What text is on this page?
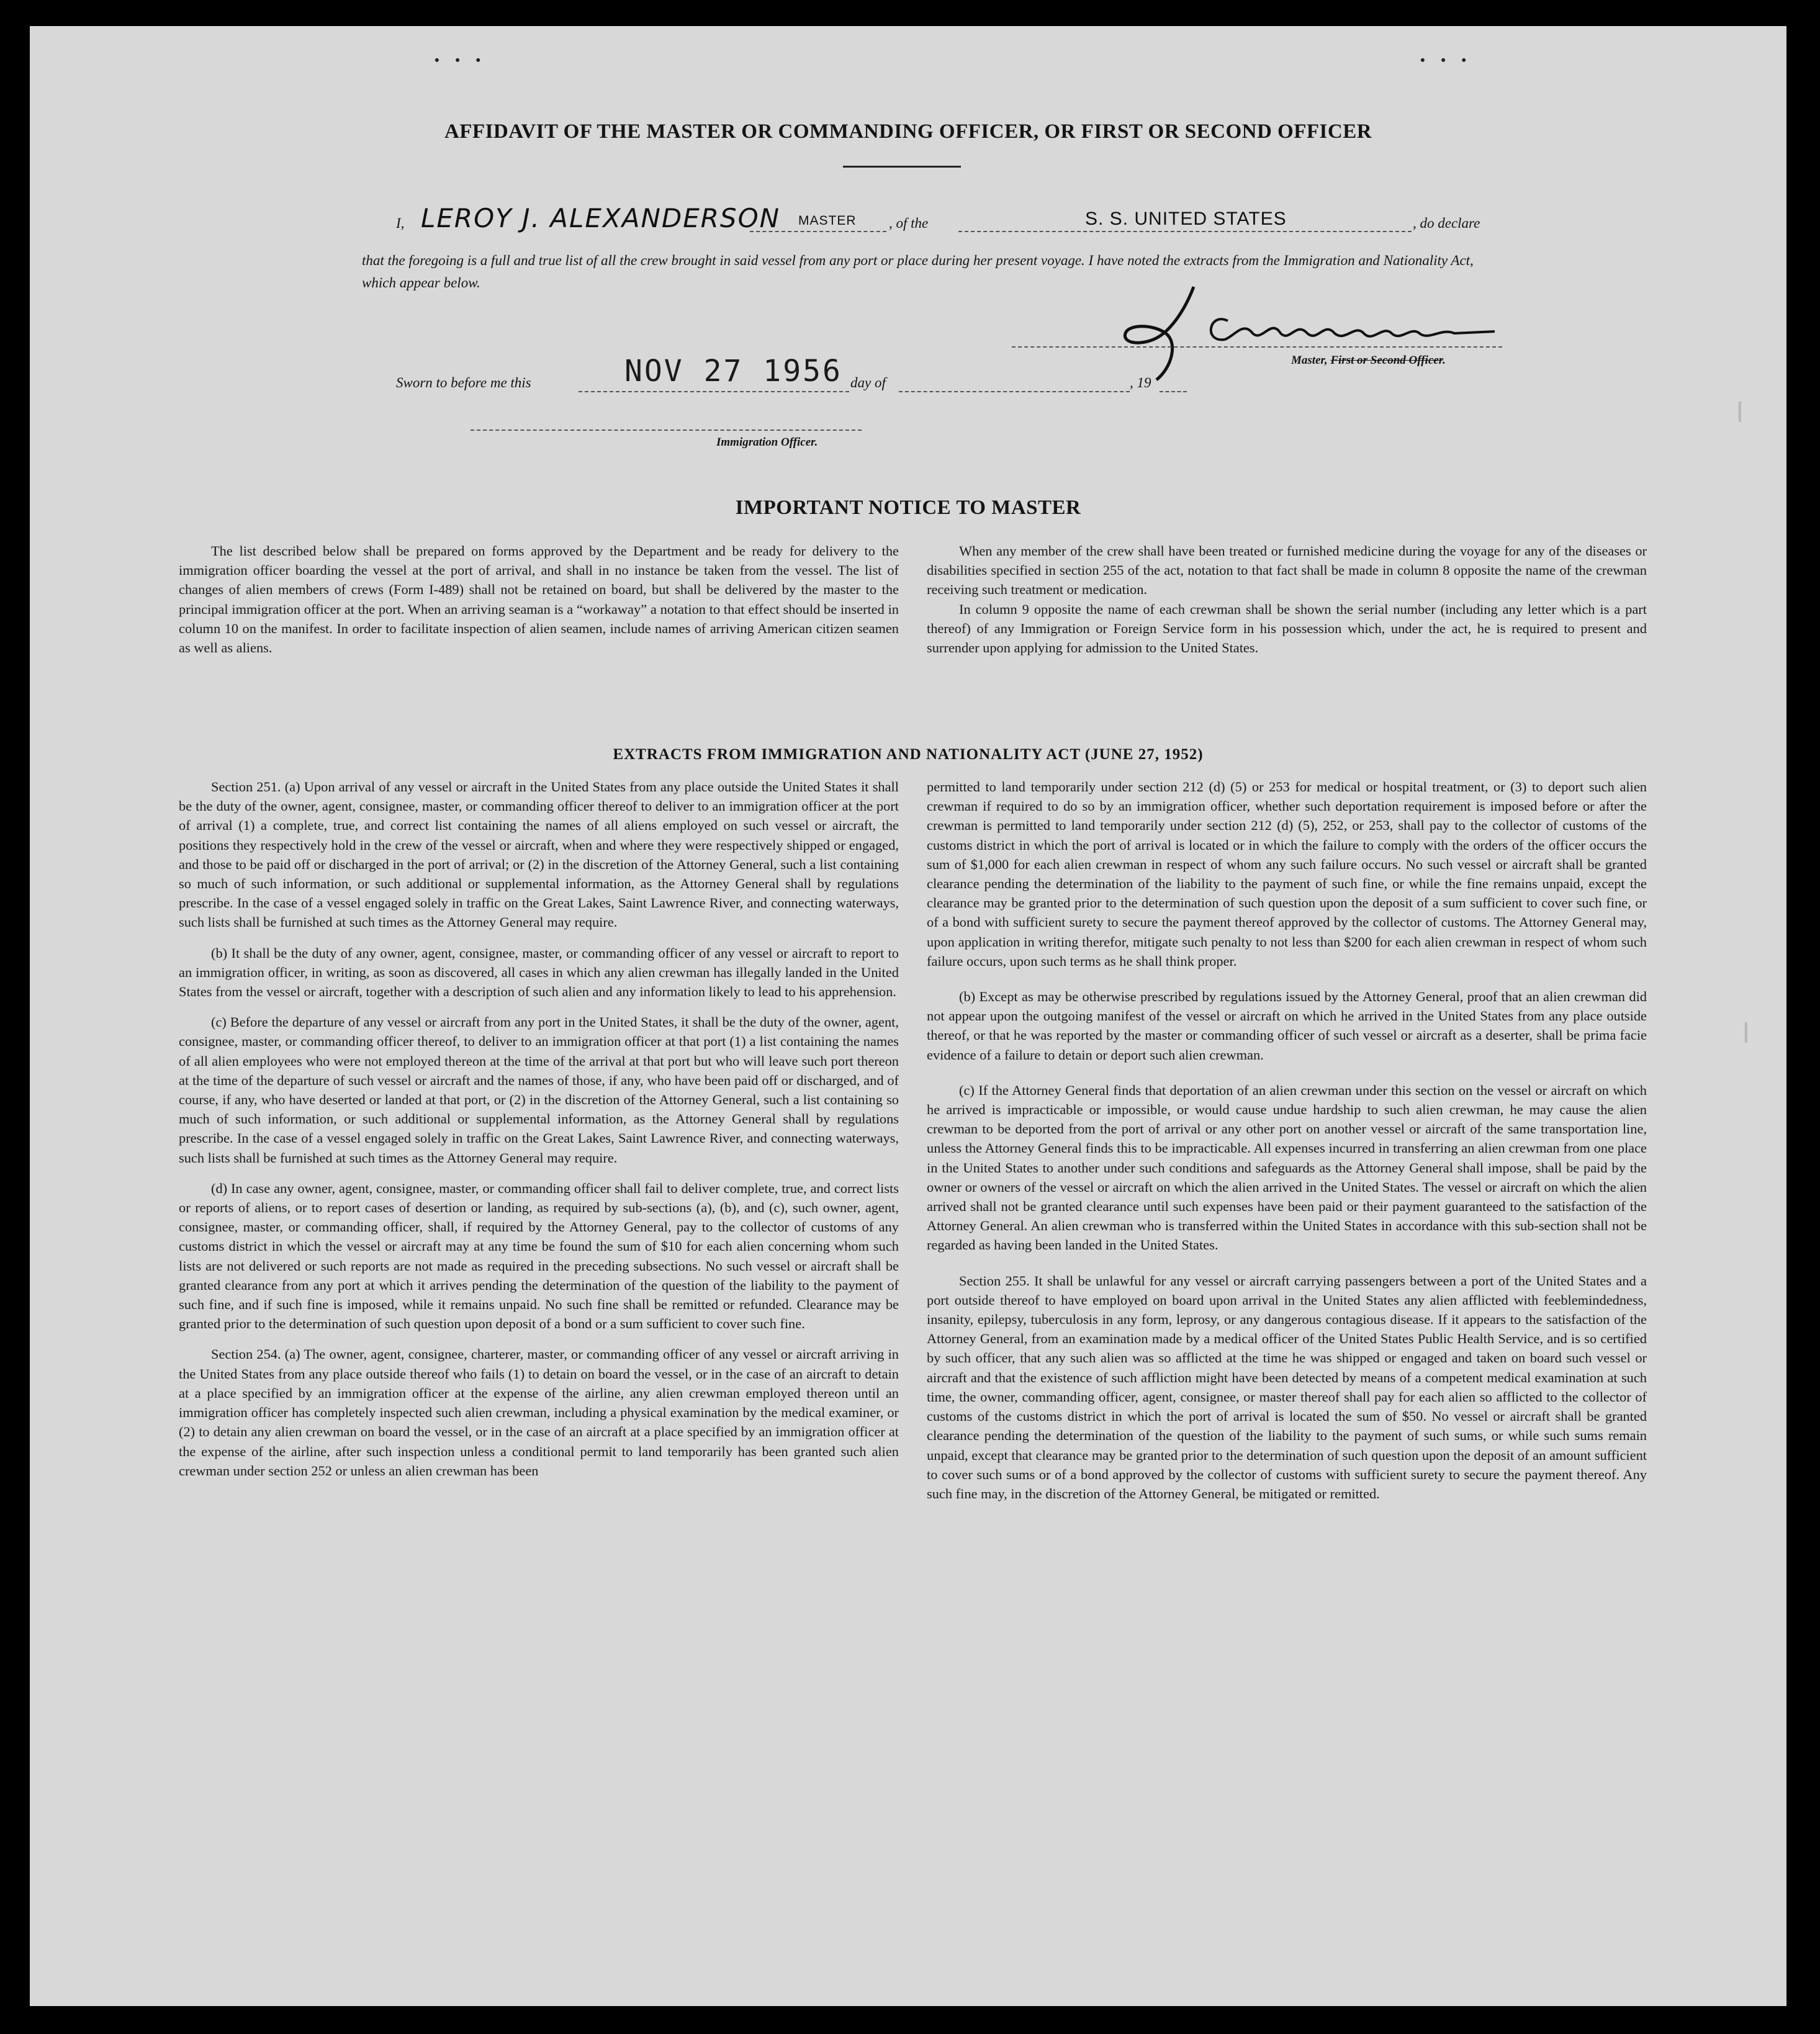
• • •	• • •
|
|
AFFIDAVIT OF THE MASTER OR COMMANDING OFFICER, OR FIRST OR SECOND OFFICER
I, LEROY J. ALEXANDERSON MASTER , of the	S. S. UNITED STATES	, do declare
that the foregoing is a full and true list of all the crew brought in said vessel from any port or place during her present voyage. I have noted the extracts from the Immigration and Nationality Act, which appear below.
Master, First or Second Officer.
Sworn to before me this	NOV 27 1956 day of	, 19
Immigration Officer.
IMPORTANT NOTICE TO MASTER

The list described below shall be prepared on forms approved by the Department and be ready for delivery to the immigration officer boarding the vessel at the port of arrival, and shall in no instance be taken from the vessel. The list of changes of alien members of crews (Form I-489) shall not be retained on board, but shall be delivered by the master to the principal immigration officer at the port. When an arriving seaman is a “workaway” a notation to that effect should be inserted in column 10 on the manifest. In order to facilitate inspection of alien seamen, include names of arriving American citizen seamen as well as aliens.

When any member of the crew shall have been treated or furnished medicine during the voyage for any of the diseases or disabilities specified in section 255 of the act, notation to that fact shall be made in column 8 opposite the name of the crewman receiving such treatment or medication.

In column 9 opposite the name of each crewman shall be shown the serial number (including any letter which is a part thereof) of any Immigration or Foreign Service form in his possession which, under the act, he is required to present and surrender upon applying for admission to the United States.

EXTRACTS FROM IMMIGRATION AND NATIONALITY ACT (JUNE 27, 1952)

Section 251. (a) Upon arrival of any vessel or aircraft in the United States from any place outside the United States it shall be the duty of the owner, agent, consignee, master, or commanding officer thereof to deliver to an immigration officer at the port of arrival (1) a complete, true, and correct list containing the names of all aliens employed on such vessel or aircraft, the positions they respectively hold in the crew of the vessel or aircraft, when and where they were respectively shipped or engaged, and those to be paid off or discharged in the port of arrival; or (2) in the discretion of the Attorney General, such a list containing so much of such information, or such additional or supplemental information, as the Attorney General shall by regulations prescribe. In the case of a vessel engaged solely in traffic on the Great Lakes, Saint Lawrence River, and connecting waterways, such lists shall be furnished at such times as the Attorney General may require.

(b) It shall be the duty of any owner, agent, consignee, master, or commanding officer of any vessel or aircraft to report to an immigration officer, in writing, as soon as discovered, all cases in which any alien crewman has illegally landed in the United States from the vessel or aircraft, together with a description of such alien and any information likely to lead to his apprehension.

(c) Before the departure of any vessel or aircraft from any port in the United States, it shall be the duty of the owner, agent, consignee, master, or commanding officer thereof, to deliver to an immigration officer at that port (1) a list containing the names of all alien employees who were not employed thereon at the time of the arrival at that port but who will leave such port thereon at the time of the departure of such vessel or aircraft and the names of those, if any, who have been paid off or discharged, and of course, if any, who have deserted or landed at that port, or (2) in the discretion of the Attorney General, such a list containing so much of such information, or such additional or supplemental information, as the Attorney General shall by regulations prescribe. In the case of a vessel engaged solely in traffic on the Great Lakes, Saint Lawrence River, and connecting waterways, such lists shall be furnished at such times as the Attorney General may require.

(d) In case any owner, agent, consignee, master, or commanding officer shall fail to deliver complete, true, and correct lists or reports of aliens, or to report cases of desertion or landing, as required by sub-sections (a), (b), and (c), such owner, agent, consignee, master, or commanding officer, shall, if required by the Attorney General, pay to the collector of customs of any customs district in which the vessel or aircraft may at any time be found the sum of $10 for each alien concerning whom such lists are not delivered or such reports are not made as required in the preceding subsections. No such vessel or aircraft shall be granted clearance from any port at which it arrives pending the determination of the question of the liability to the payment of such fine, and if such fine is imposed, while it remains unpaid. No such fine shall be remitted or refunded. Clearance may be granted prior to the determination of such question upon deposit of a bond or a sum sufficient to cover such fine.

Section 254. (a) The owner, agent, consignee, charterer, master, or commanding officer of any vessel or aircraft arriving in the United States from any place outside thereof who fails (1) to detain on board the vessel, or in the case of an aircraft to detain at a place specified by an immigration officer at the expense of the airline, any alien crewman employed thereon until an immigration officer has completely inspected such alien crewman, including a physical examination by the medical examiner, or (2) to detain any alien crewman on board the vessel, or in the case of an aircraft at a place specified by an immigration officer at the expense of the airline, after such inspection unless a conditional permit to land temporarily has been granted such alien crewman under section 252 or unless an alien crewman has been

permitted to land temporarily under section 212 (d) (5) or 253 for medical or hospital treatment, or (3) to deport such alien crewman if required to do so by an immigration officer, whether such deportation requirement is imposed before or after the crewman is permitted to land temporarily under section 212 (d) (5), 252, or 253, shall pay to the collector of customs of the customs district in which the port of arrival is located or in which the failure to comply with the orders of the officer occurs the sum of $1,000 for each alien crewman in respect of whom any such failure occurs. No such vessel or aircraft shall be granted clearance pending the determination of the liability to the payment of such fine, or while the fine remains unpaid, except the clearance may be granted prior to the determination of such question upon the deposit of a sum sufficient to cover such fine, or of a bond with sufficient surety to secure the payment thereof approved by the collector of customs. The Attorney General may, upon application in writing therefor, mitigate such penalty to not less than $200 for each alien crewman in respect of whom such failure occurs, upon such terms as he shall think proper.

(b) Except as may be otherwise prescribed by regulations issued by the Attorney General, proof that an alien crewman did not appear upon the outgoing manifest of the vessel or aircraft on which he arrived in the United States from any place outside thereof, or that he was reported by the master or commanding officer of such vessel or aircraft as a deserter, shall be prima facie evidence of a failure to detain or deport such alien crewman.

(c) If the Attorney General finds that deportation of an alien crewman under this section on the vessel or aircraft on which he arrived is impracticable or impossible, or would cause undue hardship to such alien crewman, he may cause the alien crewman to be deported from the port of arrival or any other port on another vessel or aircraft of the same transportation line, unless the Attorney General finds this to be impracticable. All expenses incurred in transferring an alien crewman from one place in the United States to another under such conditions and safeguards as the Attorney General shall impose, shall be paid by the owner or owners of the vessel or aircraft on which the alien arrived in the United States. The vessel or aircraft on which the alien arrived shall not be granted clearance until such expenses have been paid or their payment guaranteed to the satisfaction of the Attorney General. An alien crewman who is transferred within the United States in accordance with this sub-section shall not be regarded as having been landed in the United States.

Section 255. It shall be unlawful for any vessel or aircraft carrying passengers between a port of the United States and a port outside thereof to have employed on board upon arrival in the United States any alien afflicted with feeblemindedness, insanity, epilepsy, tuberculosis in any form, leprosy, or any dangerous contagious disease. If it appears to the satisfaction of the Attorney General, from an examination made by a medical officer of the United States Public Health Service, and is so certified by such officer, that any such alien was so afflicted at the time he was shipped or engaged and taken on board such vessel or aircraft and that the existence of such affliction might have been detected by means of a competent medical examination at such time, the owner, commanding officer, agent, consignee, or master thereof shall pay for each alien so afflicted to the collector of customs of the customs district in which the port of arrival is located the sum of $50. No vessel or aircraft shall be granted clearance pending the determination of the question of the liability to the payment of such sums, or while such sums remain unpaid, except that clearance may be granted prior to the determination of such question upon the deposit of an amount sufficient to cover such sums or of a bond approved by the collector of customs with sufficient surety to secure the payment thereof. Any such fine may, in the discretion of the Attorney General, be mitigated or remitted.
